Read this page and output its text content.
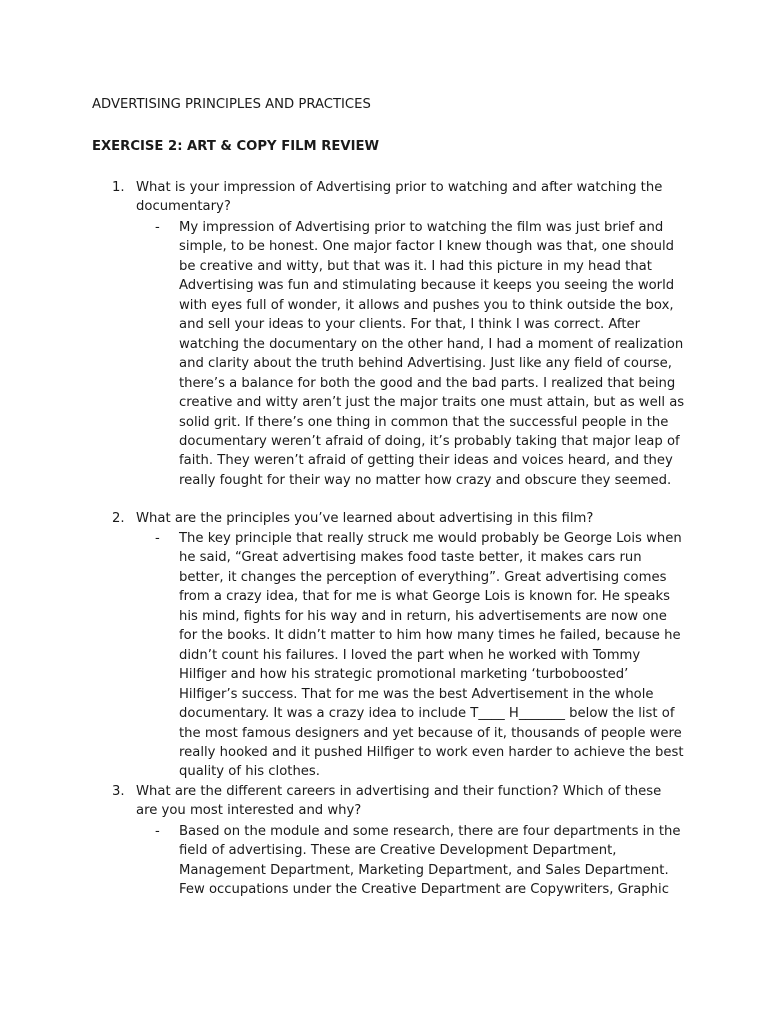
ADVERTISING PRINCIPLES AND PRACTICES
EXERCISE 2: ART & COPY FILM REVIEW
1. What is your impression of Advertising prior to watching and after watching the documentary?
- My impression of Advertising prior to watching the film was just brief and simple, to be honest. One major factor I knew though was that, one should be creative and witty, but that was it. I had this picture in my head that Advertising was fun and stimulating because it keeps you seeing the world with eyes full of wonder, it allows and pushes you to think outside the box, and sell your ideas to your clients. For that, I think I was correct. After watching the documentary on the other hand, I had a moment of realization and clarity about the truth behind Advertising. Just like any field of course, there’s a balance for both the good and the bad parts. I realized that being creative and witty aren’t just the major traits one must attain, but as well as solid grit. If there’s one thing in common that the successful people in the documentary weren’t afraid of doing, it’s probably taking that major leap of faith. They weren’t afraid of getting their ideas and voices heard, and they really fought for their way no matter how crazy and obscure they seemed.
2. What are the principles you’ve learned about advertising in this film?
- The key principle that really struck me would probably be George Lois when he said, “Great advertising makes food taste better, it makes cars run better, it changes the perception of everything”. Great advertising comes from a crazy idea, that for me is what George Lois is known for. He speaks his mind, fights for his way and in return, his advertisements are now one for the books. It didn’t matter to him how many times he failed, because he didn’t count his failures. I loved the part when he worked with Tommy Hilfiger and how his strategic promotional marketing ‘turboboosted’ Hilfiger’s success. That for me was the best Advertisement in the whole documentary. It was a crazy idea to include T____ H_______ below the list of the most famous designers and yet because of it, thousands of people were really hooked and it pushed Hilfiger to work even harder to achieve the best quality of his clothes.
3. What are the different careers in advertising and their function? Which of these are you most interested and why?
- Based on the module and some research, there are four departments in the field of advertising. These are Creative Development Department, Management Department, Marketing Department, and Sales Department. Few occupations under the Creative Department are Copywriters, Graphic
